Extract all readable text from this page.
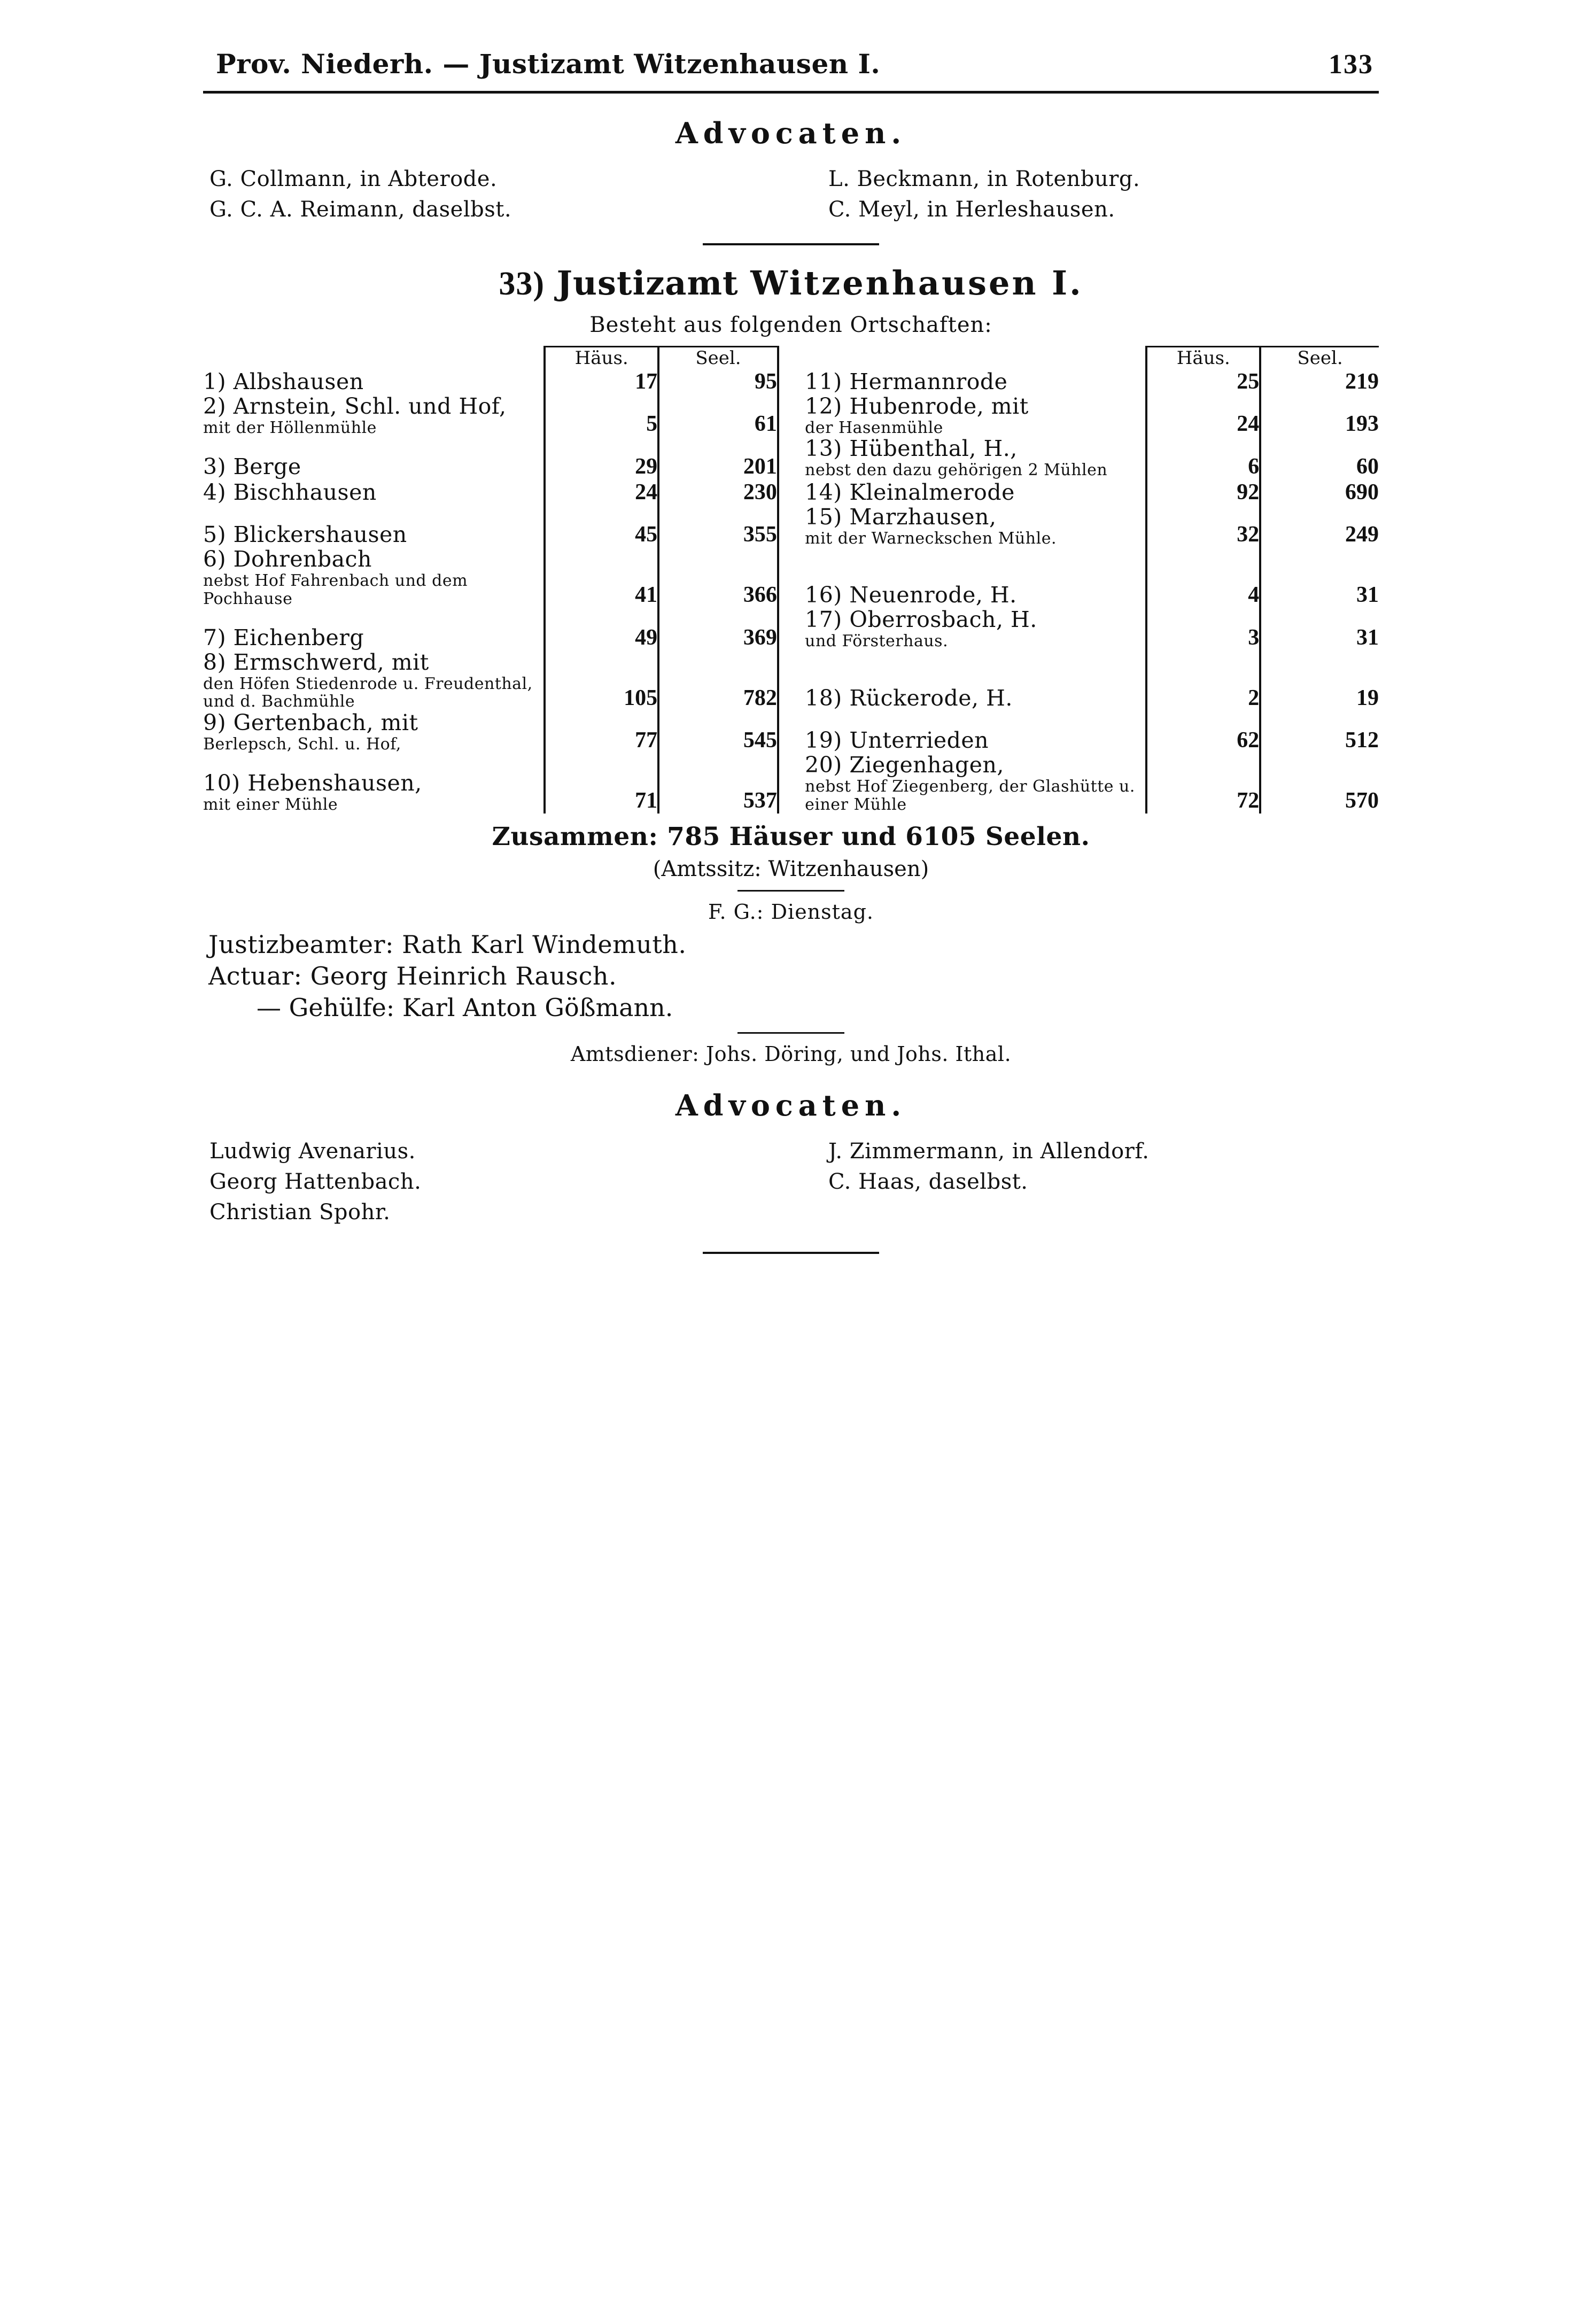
Prov. Niederh. — Justizamt Witzenhausen I.	133
Advocaten.
G. Collmann, in Abterode.
G. C. A. Reimann, daselbst.
L. Beckmann, in Rotenburg.
C. Meyl, in Herleshausen.
33) Justizamt Witzenhausen I.
Besteht aus folgenden Ortschaften:
	Häus.	Seel.			Häus.	Seel.
1) Albshausen	17	95		11) Hermannrode	25	219

2) Arnstein, Schl. und Hof,
mit der Höllenmühle	5	61		
12) Hubenrode, mit
der Hasenmühle	24	193

3) Berge	29	201		13) Hübenthal, H.,
nebst den dazu gehörigen 2 Mühlen	6	60

4) Bischhausen	24	230		14) Kleinalmerode	92	690

5) Blickershausen	45	355		15) Marzhausen,
mit der Warneckschen Mühle.	32	249

6) Dohrenbach
nebst Hof Fahrenbach und dem Pochhause	41	366		16) Neuenrode, H.	4	31

7) Eichenberg	49	369		17) Oberrosbach, H.
und Försterhaus.	3	31

8) Ermschwerd, mit
den Höfen Stiedenrode u. Freudenthal, und d. Bachmühle	105	782		18) Rückerode, H.	2	19

9) Gertenbach, mit
Berlepsch, Schl. u. Hof,	77	545		19) Unterrieden	62	512

10) Hebenshausen,
mit einer Mühle	71	537		
20) Ziegenhagen,
nebst Hof Ziegenberg, der Glashütte u. einer Mühle	72	570
Zusammen: 785 Häuser und 6105 Seelen.
(Amtssitz: Witzenhausen)
F. G.: Dienstag.
Justizbeamter: Rath Karl Windemuth.
Actuar: Georg Heinrich Rausch.
— Gehülfe: Karl Anton Gößmann.
Amtsdiener: Johs. Döring, und Johs. Ithal.
Advocaten.
Ludwig Avenarius.
Georg Hattenbach.
Christian Spohr.
J. Zimmermann, in Allendorf.
C. Haas, daselbst.
